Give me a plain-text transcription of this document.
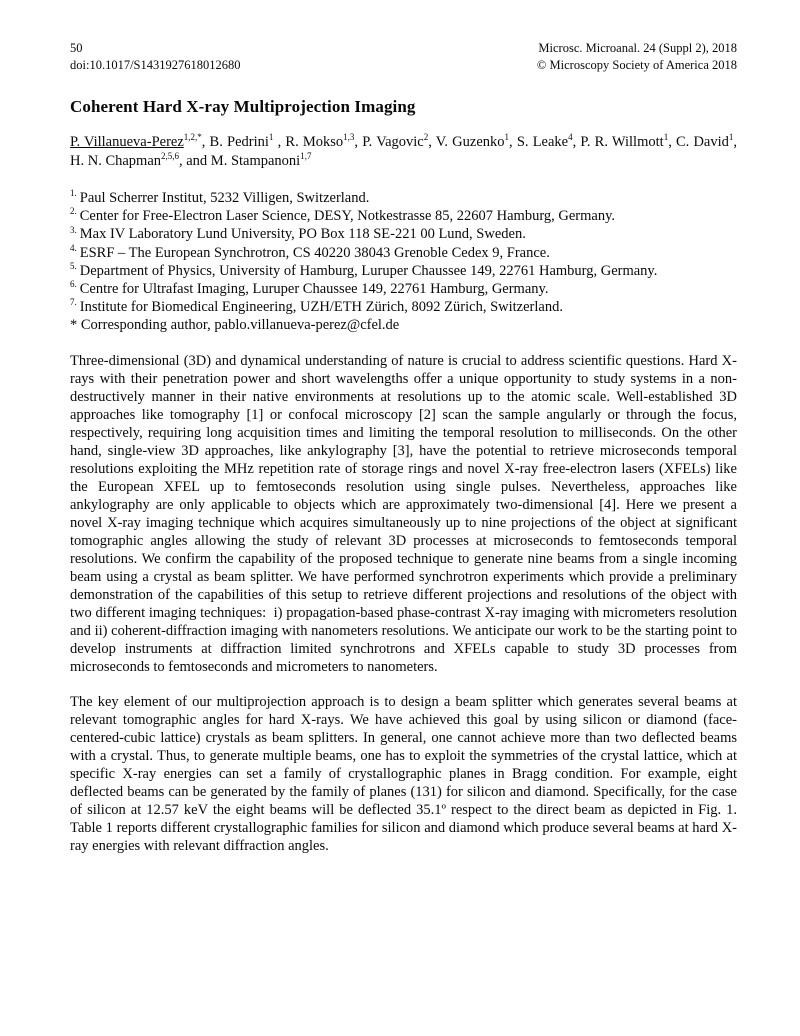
50
doi:10.1017/S1431927618012680
Microsc. Microanal. 24 (Suppl 2), 2018
© Microscopy Society of America 2018
Coherent Hard X-ray Multiprojection Imaging

P. Villanueva-Perez$^{1,2,*}$, B. Pedrini$^1$ , R. Mokso$^{1,3}$, P. Vagovic$^2$, V. Guzenko$^1$, S. Leake$^4$, P. R. Willmott$^1$, C. David$^1$, H. N. Chapman$^{2,5,6}$, and M. Stampanoni$^{1,7}$

$^{1.}$ Paul Scherrer Institut, 5232 Villigen, Switzerland.
$^{2.}$ Center for Free-Electron Laser Science, DESY, Notkestrasse 85, 22607 Hamburg, Germany.
$^{3.}$ Max IV Laboratory Lund University, PO Box 118 SE-221 00 Lund, Sweden.
$^{4.}$ ESRF – The European Synchrotron, CS 40220 38043 Grenoble Cedex 9, France.
$^{5.}$ Department of Physics, University of Hamburg, Luruper Chaussee 149, 22761 Hamburg, Germany.
$^{6.}$ Centre for Ultrafast Imaging, Luruper Chaussee 149, 22761 Hamburg, Germany.
$^{7.}$ Institute for Biomedical Engineering, UZH/ETH Zürich, 8092 Zürich, Switzerland.

* Corresponding author, pablo.villanueva-perez@cfel.de

Three-dimensional (3D) and dynamical understanding of nature is crucial to address scientific questions. Hard X-rays with their penetration power and short wavelengths offer a unique opportunity to study systems in a non-destructively manner in their native environments at resolutions up to the atomic scale. Well-established 3D approaches like tomography [1] or confocal microscopy [2] scan the sample angularly or through the focus, respectively, requiring long acquisition times and limiting the temporal resolution to milliseconds. On the other hand, single-view 3D approaches, like ankylography [3], have the potential to retrieve microseconds temporal resolutions exploiting the MHz repetition rate of storage rings and novel X-ray free-electron lasers (XFELs) like the European XFEL up to femtoseconds resolution using single pulses. Nevertheless, approaches like ankylography are only applicable to objects which are approximately two-dimensional [4]. Here we present a novel X-ray imaging technique which acquires simultaneously up to nine projections of the object at significant tomographic angles allowing the study of relevant 3D processes at microseconds to femtoseconds temporal resolutions. We confirm the capability of the proposed technique to generate nine beams from a single incoming beam using a crystal as beam splitter. We have performed synchrotron experiments which provide a preliminary demonstration of the capabilities of this setup to retrieve different projections and resolutions of the object with two different imaging techniques:  i) propagation-based phase-contrast X-ray imaging with micrometers resolution and ii) coherent-diffraction imaging with nanometers resolutions. We anticipate our work to be the starting point to develop instruments at diffraction limited synchrotrons and XFELs capable to study 3D processes from microseconds to femtoseconds and micrometers to nanometers.

The key element of our multiprojection approach is to design a beam splitter which generates several beams at relevant tomographic angles for hard X-rays. We have achieved this goal by using silicon or diamond (face-centered-cubic lattice) crystals as beam splitters. In general, one cannot achieve more than two deflected beams with a crystal. Thus, to generate multiple beams, one has to exploit the symmetries of the crystal lattice, which at specific X-ray energies can set a family of crystallographic planes in Bragg condition. For example, eight deflected beams can be generated by the family of planes (131) for silicon and diamond. Specifically, for the case of silicon at 12.57 keV the eight beams will be deflected 35.1º respect to the direct beam as depicted in Fig. 1. Table 1 reports different crystallographic families for silicon and diamond which produce several beams at hard X-ray energies with relevant diffraction angles.
